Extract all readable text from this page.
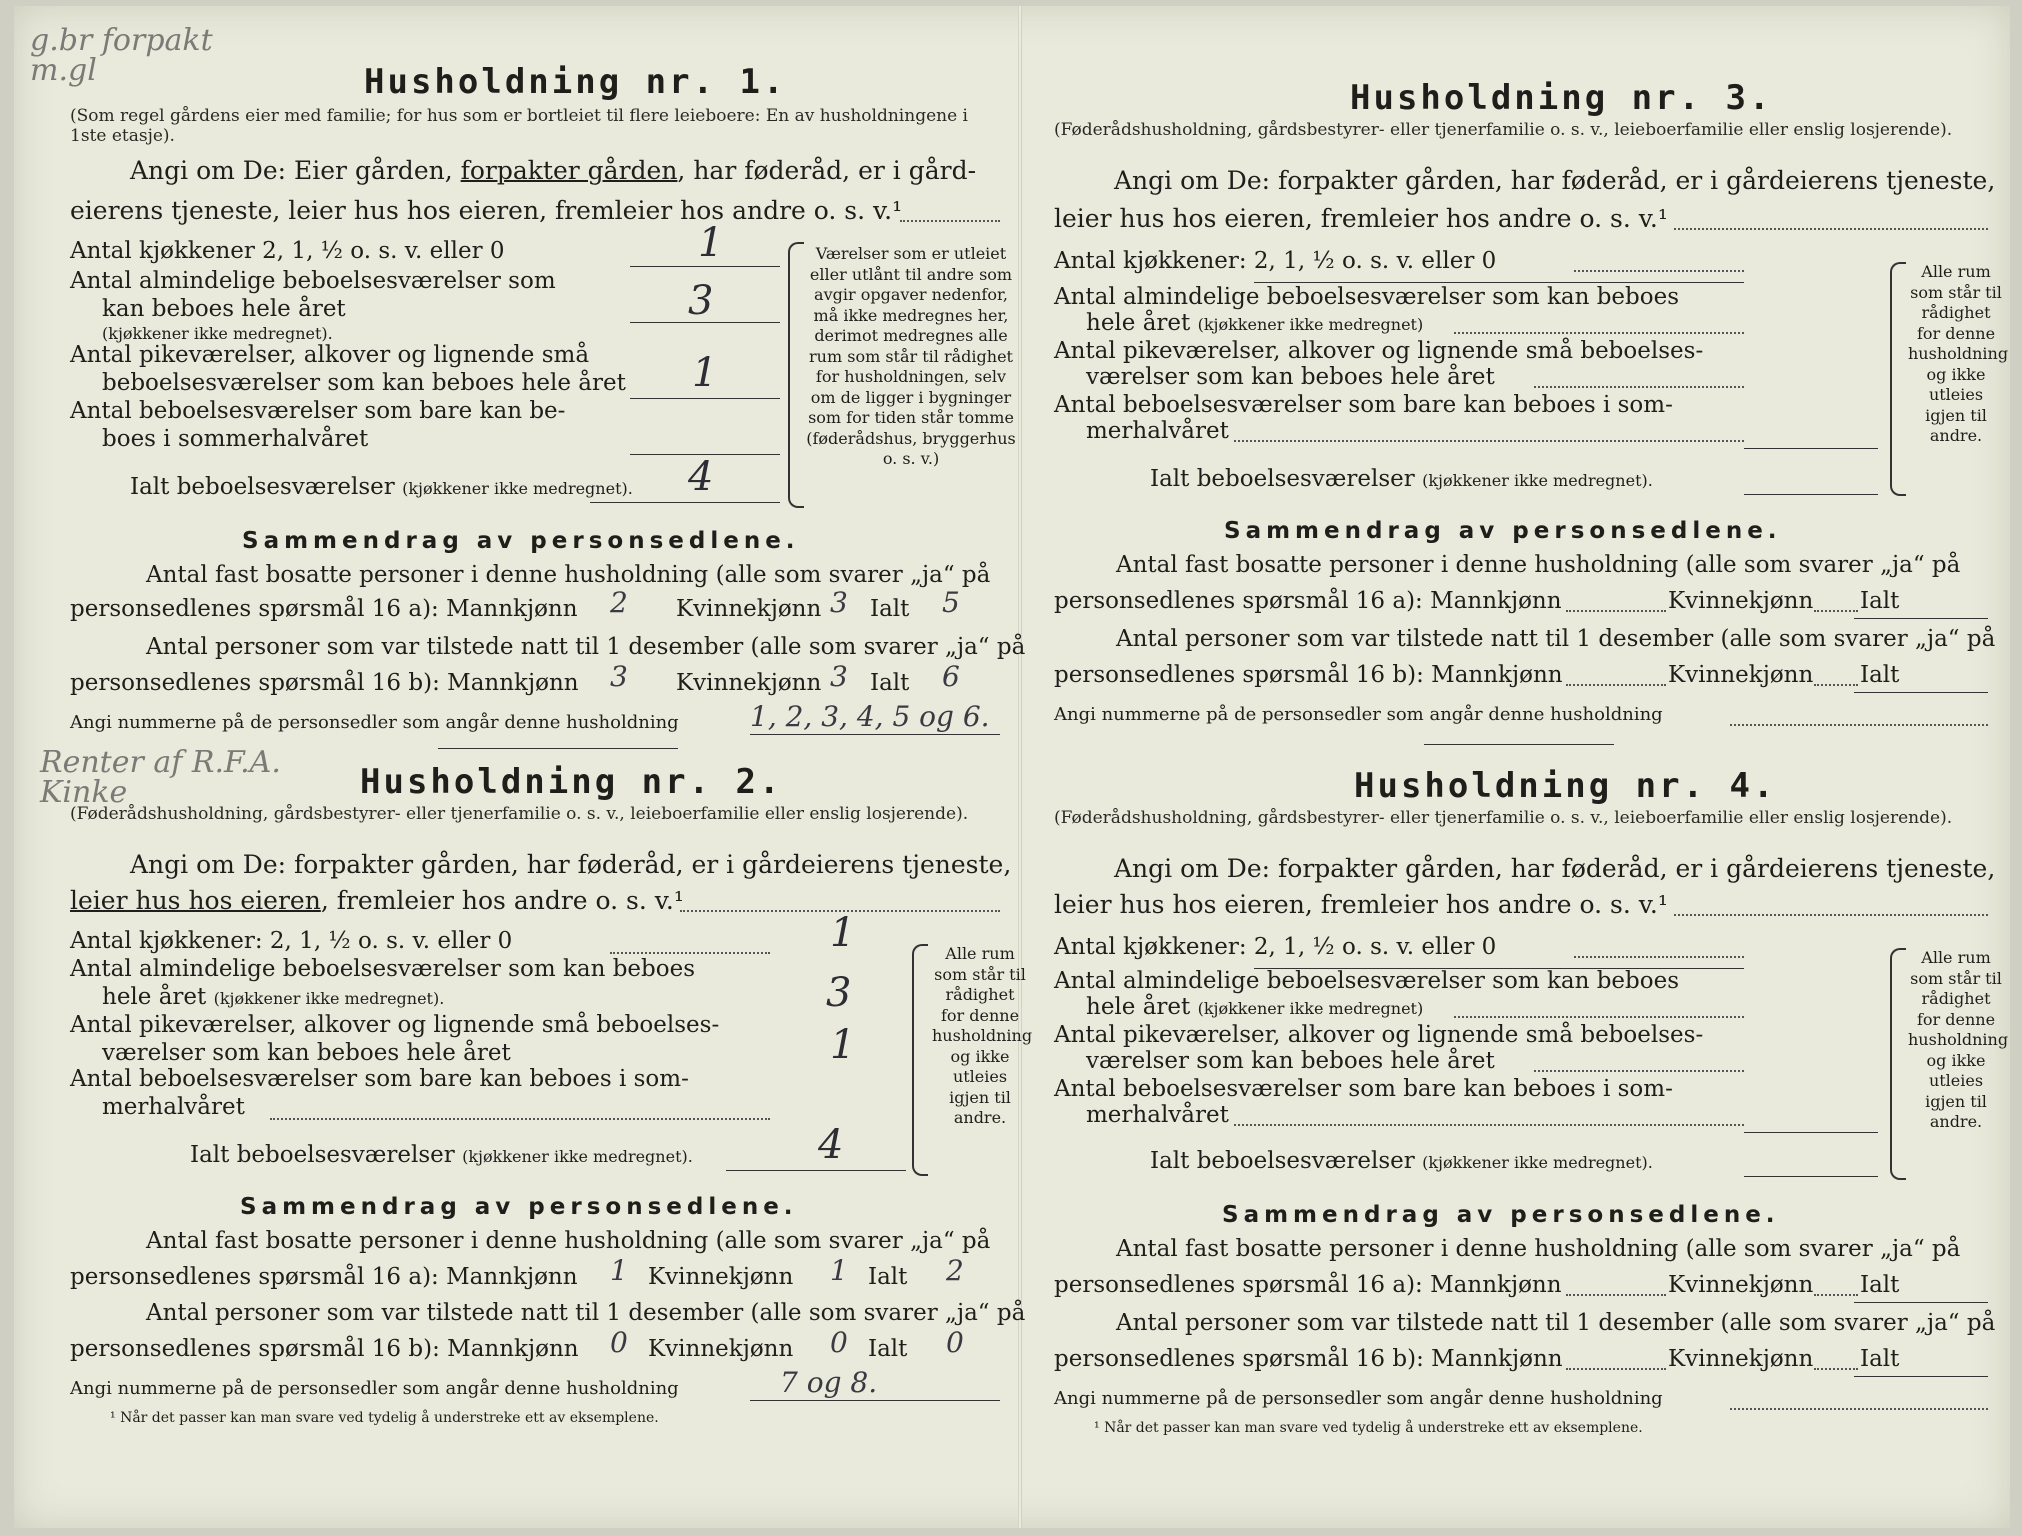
g.br forpakt
m.gl	Husholdning nr. 1.
(Som regel gårdens eier med familie; for hus som er bortleiet til flere leieboere: En av husholdningene i 1ste etasje).
Angi om De: Eier gården, forpakter gården, har føderåd, er i gård-
eierens tjeneste, leier hus hos eieren, fremleier hos andre o. s. v.¹
Antal kjøkkener 2, 1, ½ o. s. v. eller 0	1
Antal almindelige beboelsesværelser som
kan beboes hele året
(kjøkkener ikke medregnet).
3
Antal pikeværelser, alkover og lignende små
beboelsesværelser som kan beboes hele året 1
Antal beboelsesværelser som bare kan be-
boes i sommerhalvåret
Ialt beboelsesværelser (kjøkkener ikke medregnet). 4
Værelser som er utleiet eller utlånt til andre som avgir opgaver nedenfor, må ikke medregnes her, derimot medregnes alle rum som står til rådighet for husholdningen, selv om de ligger i bygninger som for tiden står tomme (føderådshus, bryggerhus o. s. v.)
Sammendrag av personsedlene.
Antal fast bosatte personer i denne husholdning (alle som svarer „ja“ på
personsedlenes spørsmål 16 a): Mannkjønn 2 Kvinnekjønn 3 Ialt 5
Antal personer som var tilstede natt til 1 desember (alle som svarer „ja“ på
personsedlenes spørsmål 16 b): Mannkjønn 3 Kvinnekjønn 3 Ialt 6
Angi nummerne på de personsedler som angår denne husholdning	1, 2, 3, 4, 5 og 6.
Renter af R.F.A.
Kinke	Husholdning nr. 2.
(Føderådshusholdning, gårdsbestyrer- eller tjenerfamilie o. s. v., leieboerfamilie eller enslig losjerende).
Angi om De: forpakter gården, har føderåd, er i gårdeierens tjeneste,
leier hus hos eieren, fremleier hos andre o. s. v.¹
Antal kjøkkener: 2, 1, ½ o. s. v. eller 0	1
Antal almindelige beboelsesværelser som kan beboes
hele året (kjøkkener ikke medregnet).	3
Antal pikeværelser, alkover og lignende små beboelses-
værelser som kan beboes hele året	1
Antal beboelsesværelser som bare kan beboes i som-
merhalvåret
Ialt beboelsesværelser (kjøkkener ikke medregnet).	4
Alle rum som står til rådighet for denne husholdning og ikke utleies igjen til andre.
Sammendrag av personsedlene.
Antal fast bosatte personer i denne husholdning (alle som svarer „ja“ på
personsedlenes spørsmål 16 a): Mannkjønn 1 Kvinnekjønn 1 Ialt 2
Antal personer som var tilstede natt til 1 desember (alle som svarer „ja“ på
personsedlenes spørsmål 16 b): Mannkjønn 0 Kvinnekjønn 0 Ialt 0
Angi nummerne på de personsedler som angår denne husholdning	7 og 8.
¹ Når det passer kan man svare ved tydelig å understreke ett av eksemplene.
Husholdning nr. 3.
(Føderådshusholdning, gårdsbestyrer- eller tjenerfamilie o. s. v., leieboerfamilie eller enslig losjerende).
Angi om De: forpakter gården, har føderåd, er i gårdeierens tjeneste,
leier hus hos eieren, fremleier hos andre o. s. v.¹
Antal kjøkkener: 2, 1, ½ o. s. v. eller 0
Antal almindelige beboelsesværelser som kan beboes
hele året (kjøkkener ikke medregnet)
Antal pikeværelser, alkover og lignende små beboelses-
værelser som kan beboes hele året
Antal beboelsesværelser som bare kan beboes i som-
merhalvåret
Ialt beboelsesværelser (kjøkkener ikke medregnet).
Alle rum som står til rådighet for denne husholdning og ikke utleies igjen til andre.
Sammendrag av personsedlene.
Antal fast bosatte personer i denne husholdning (alle som svarer „ja“ på
personsedlenes spørsmål 16 a): Mannkjønn	Kvinnekjønn Ialt
Antal personer som var tilstede natt til 1 desember (alle som svarer „ja“ på
personsedlenes spørsmål 16 b): Mannkjønn	Kvinnekjønn Ialt
Angi nummerne på de personsedler som angår denne husholdning
Husholdning nr. 4.
(Føderådshusholdning, gårdsbestyrer- eller tjenerfamilie o. s. v., leieboerfamilie eller enslig losjerende).
Angi om De: forpakter gården, har føderåd, er i gårdeierens tjeneste,
leier hus hos eieren, fremleier hos andre o. s. v.¹
Antal kjøkkener: 2, 1, ½ o. s. v. eller 0
Antal almindelige beboelsesværelser som kan beboes
hele året (kjøkkener ikke medregnet)
Antal pikeværelser, alkover og lignende små beboelses-
værelser som kan beboes hele året
Antal beboelsesværelser som bare kan beboes i som-
merhalvåret
Ialt beboelsesværelser (kjøkkener ikke medregnet).
Alle rum som står til rådighet for denne husholdning og ikke utleies igjen til andre.
Sammendrag av personsedlene.
Antal fast bosatte personer i denne husholdning (alle som svarer „ja“ på
personsedlenes spørsmål 16 a): Mannkjønn	Kvinnekjønn Ialt
Antal personer som var tilstede natt til 1 desember (alle som svarer „ja“ på
personsedlenes spørsmål 16 b): Mannkjønn	Kvinnekjønn Ialt
Angi nummerne på de personsedler som angår denne husholdning
¹ Når det passer kan man svare ved tydelig å understreke ett av eksemplene.
